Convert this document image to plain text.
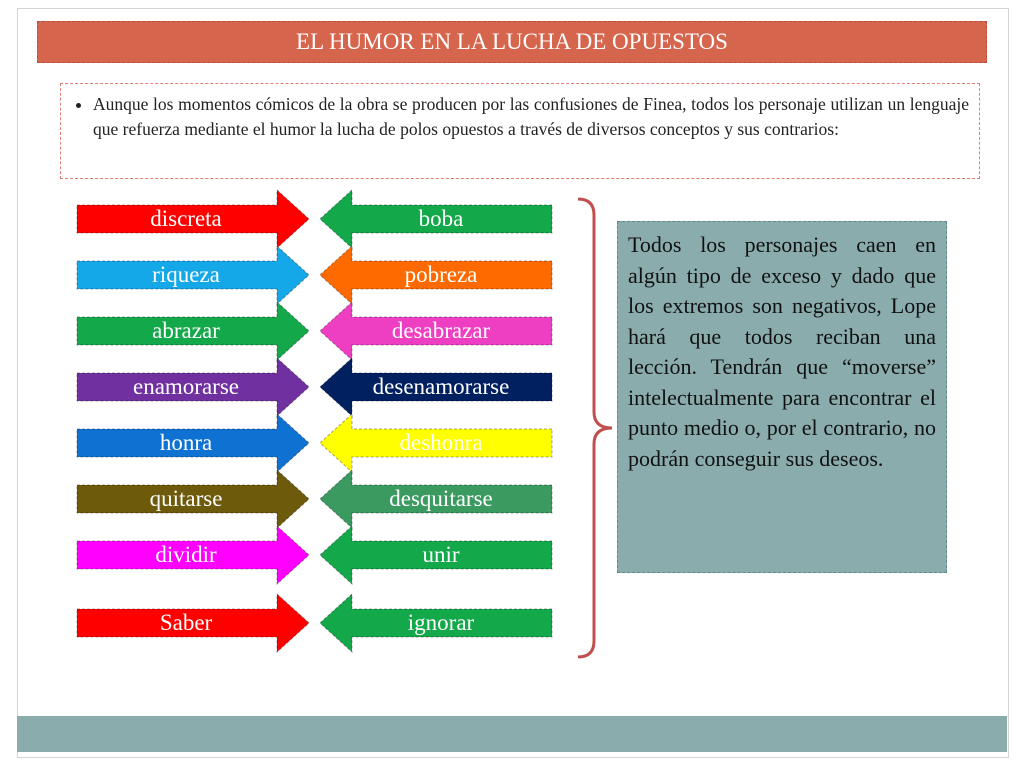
EL HUMOR EN LA LUCHA DE OPUESTOS
• Aunque los momentos cómicos de la obra se producen por las confusiones de Finea, todos los personaje utilizan un lenguaje que refuerza mediante el humor la lucha de polos opuestos a través de diversos conceptos y sus contrarios:
discreta	boba
riqueza	pobreza
abrazar	desabrazar
enamorarse	desenamorarse
honra	deshonra
quitarse	desquitarse
dividir	unir
Saber	ignorar
Todos los personajes caen en algún tipo de exceso y dado que los extremos son negativos, Lope hará que todos reciban una lección. Tendrán que “moverse” intelectualmente para encontrar el punto medio o, por el contrario, no podrán conseguir sus deseos.
